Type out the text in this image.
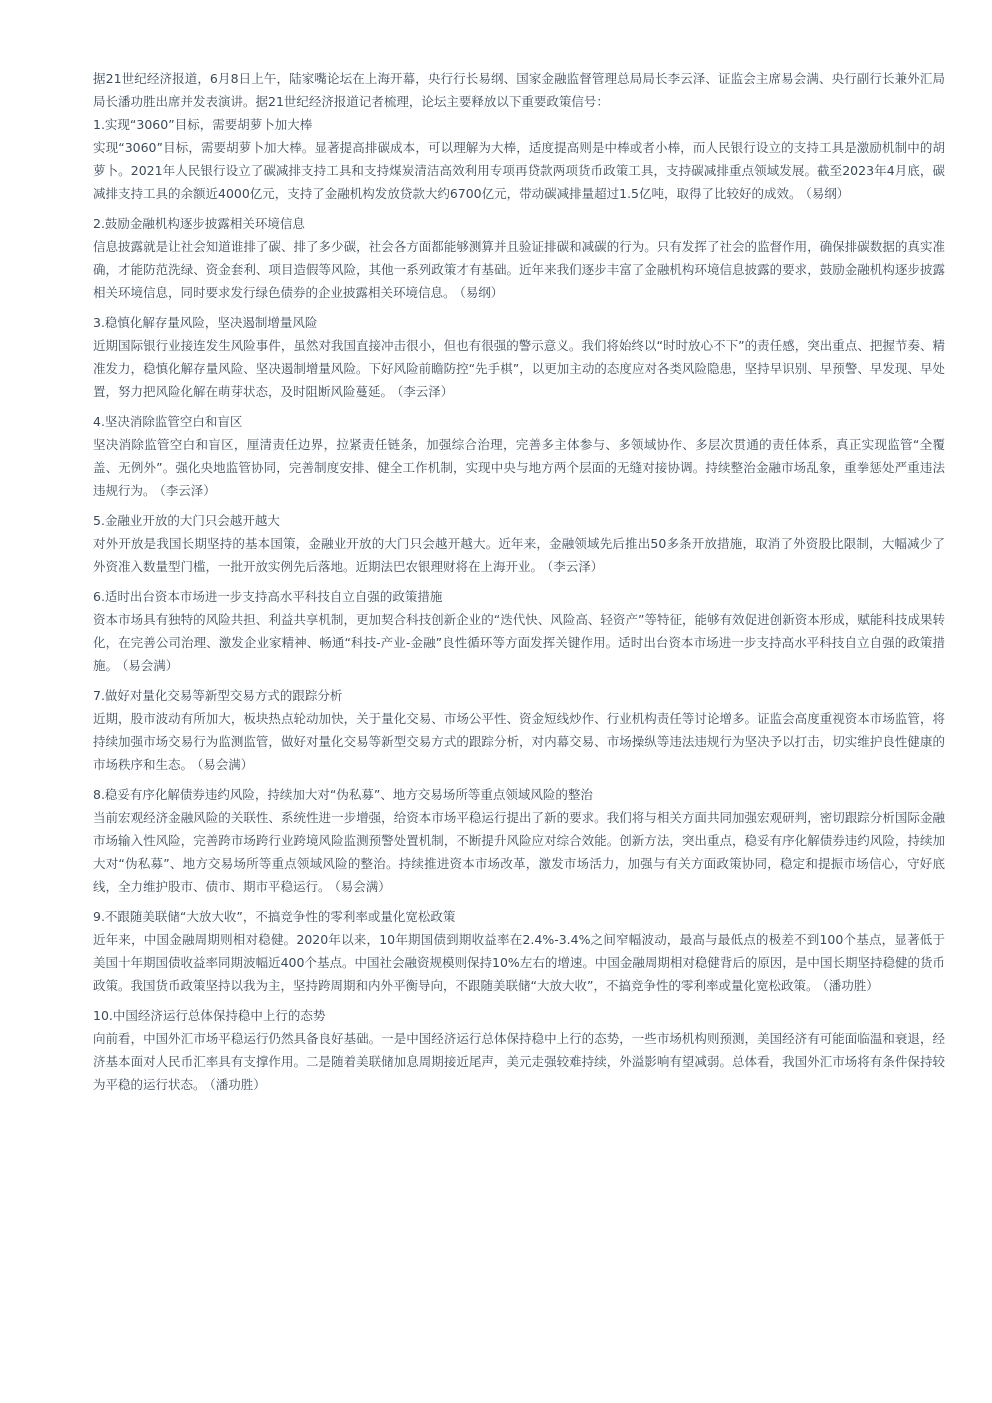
据21世纪经济报道，6月8日上午，陆家嘴论坛在上海开幕，央行行长易纲、国家金融监督管理总局局长李云泽、证监会主席易会满、央行副行长兼外汇局局长潘功胜出席并发表演讲。据21世纪经济报道记者梳理，论坛主要释放以下重要政策信号：

1.实现“3060”目标，需要胡萝卜加大棒

实现“3060”目标，需要胡萝卜加大棒。显著提高排碳成本，可以理解为大棒，适度提高则是中棒或者小棒，而人民银行设立的支持工具是激励机制中的胡萝卜。2021年人民银行设立了碳减排支持工具和支持煤炭清洁高效利用专项再贷款两项货币政策工具，支持碳减排重点领域发展。截至2023年4月底，碳减排支持工具的余额近4000亿元，支持了金融机构发放贷款大约6700亿元，带动碳减排量超过1.5亿吨，取得了比较好的成效。 （易纲）

2.鼓励金融机构逐步披露相关环境信息

信息披露就是让社会知道谁排了碳、排了多少碳，社会各方面都能够测算并且验证排碳和减碳的行为。只有发挥了社会的监督作用，确保排碳数据的真实准确，才能防范洗绿、资金套利、项目造假等风险，其他一系列政策才有基础。近年来我们逐步丰富了金融机构环境信息披露的要求，鼓励金融机构逐步披露相关环境信息，同时要求发行绿色债券的企业披露相关环境信息。 （易纲）

3.稳慎化解存量风险，坚决遏制增量风险

近期国际银行业接连发生风险事件，虽然对我国直接冲击很小，但也有很强的警示意义。我们将始终以“时时放心不下”的责任感，突出重点、把握节奏、精准发力，稳慎化解存量风险、坚决遏制增量风险。下好风险前瞻防控“先手棋”，以更加主动的态度应对各类风险隐患，坚持早识别、早预警、早发现、早处置，努力把风险化解在萌芽状态，及时阻断风险蔓延。 （李云泽）

4.坚决消除监管空白和盲区

坚决消除监管空白和盲区，厘清责任边界，拉紧责任链条，加强综合治理，完善多主体参与、多领域协作、多层次贯通的责任体系，真正实现监管“全覆盖、无例外”。强化央地监管协同，完善制度安排、健全工作机制，实现中央与地方两个层面的无缝对接协调。持续整治金融市场乱象，重拳惩处严重违法违规行为。 （李云泽）

5.金融业开放的大门只会越开越大

对外开放是我国长期坚持的基本国策，金融业开放的大门只会越开越大。近年来，金融领域先后推出50多条开放措施，取消了外资股比限制，大幅减少了外资准入数量型门槛，一批开放实例先后落地。近期法巴农银理财将在上海开业。 （李云泽）

6.适时出台资本市场进一步支持高水平科技自立自强的政策措施

资本市场具有独特的风险共担、利益共享机制，更加契合科技创新企业的“迭代快、风险高、轻资产”等特征，能够有效促进创新资本形成，赋能科技成果转化，在完善公司治理、激发企业家精神、畅通“科技-产业-金融”良性循环等方面发挥关键作用。适时出台资本市场进一步支持高水平科技自立自强的政策措施。 （易会满）

7.做好对量化交易等新型交易方式的跟踪分析

近期，股市波动有所加大，板块热点轮动加快，关于量化交易、市场公平性、资金短线炒作、行业机构责任等讨论增多。证监会高度重视资本市场监管，将持续加强市场交易行为监测监管，做好对量化交易等新型交易方式的跟踪分析，对内幕交易、市场操纵等违法违规行为坚决予以打击，切实维护良性健康的市场秩序和生态。 （易会满）

8.稳妥有序化解债券违约风险，持续加大对“伪私募”、地方交易场所等重点领域风险的整治

当前宏观经济金融风险的关联性、系统性进一步增强，给资本市场平稳运行提出了新的要求。我们将与相关方面共同加强宏观研判，密切跟踪分析国际金融市场输入性风险，完善跨市场跨行业跨境风险监测预警处置机制，不断提升风险应对综合效能。创新方法，突出重点，稳妥有序化解债券违约风险，持续加大对“伪私募”、地方交易场所等重点领域风险的整治。持续推进资本市场改革，激发市场活力，加强与有关方面政策协同，稳定和提振市场信心，守好底线，全力维护股市、债市、期市平稳运行。 （易会满）

9.不跟随美联储“大放大收”，不搞竞争性的零利率或量化宽松政策

近年来，中国金融周期则相对稳健。2020年以来，10年期国债到期收益率在2.4%-3.4%之间窄幅波动，最高与最低点的极差不到100个基点，显著低于美国十年期国债收益率同期波幅近400个基点。中国社会融资规模则保持10%左右的增速。中国金融周期相对稳健背后的原因，是中国长期坚持稳健的货币政策。我国货币政策坚持以我为主，坚持跨周期和内外平衡导向，不跟随美联储“大放大收”，不搞竞争性的零利率或量化宽松政策。 （潘功胜）

10.中国经济运行总体保持稳中上行的态势

向前看，中国外汇市场平稳运行仍然具备良好基础。一是中国经济运行总体保持稳中上行的态势，一些市场机构则预测，美国经济有可能面临温和衰退，经济基本面对人民币汇率具有支撑作用。二是随着美联储加息周期接近尾声，美元走强较难持续，外溢影响有望减弱。总体看，我国外汇市场将有条件保持较为平稳的运行状态。 （潘功胜）
